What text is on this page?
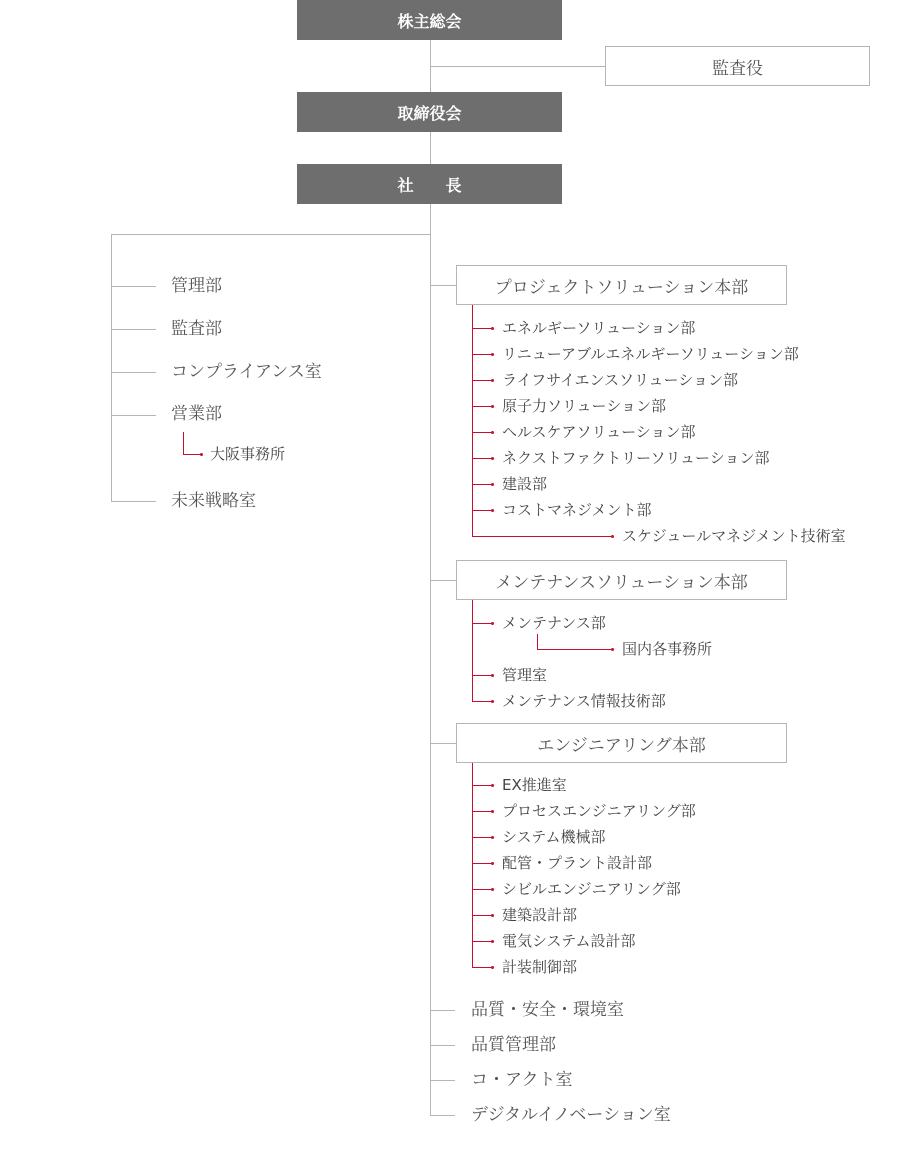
株主総会
監査役
取締役会
社　　長
管理部
監査部
コンプライアンス室
営業部
大阪事務所
未来戦略室
プロジェクトソリューション本部
エネルギーソリューション部
リニューアブルエネルギーソリューション部
ライフサイエンスソリューション部
原子力ソリューション部
ヘルスケアソリューション部
ネクストファクトリーソリューション部
建設部
コストマネジメント部
スケジュールマネジメント技術室
メンテナンスソリューション本部
メンテナンス部
国内各事務所
管理室
メンテナンス情報技術部
エンジニアリング本部
EX推進室
プロセスエンジニアリング部
システム機械部
配管・プラント設計部
シビルエンジニアリング部
建築設計部
電気システム設計部
計装制御部
品質・安全・環境室
品質管理部
コ・アクト室
デジタルイノベーション室
